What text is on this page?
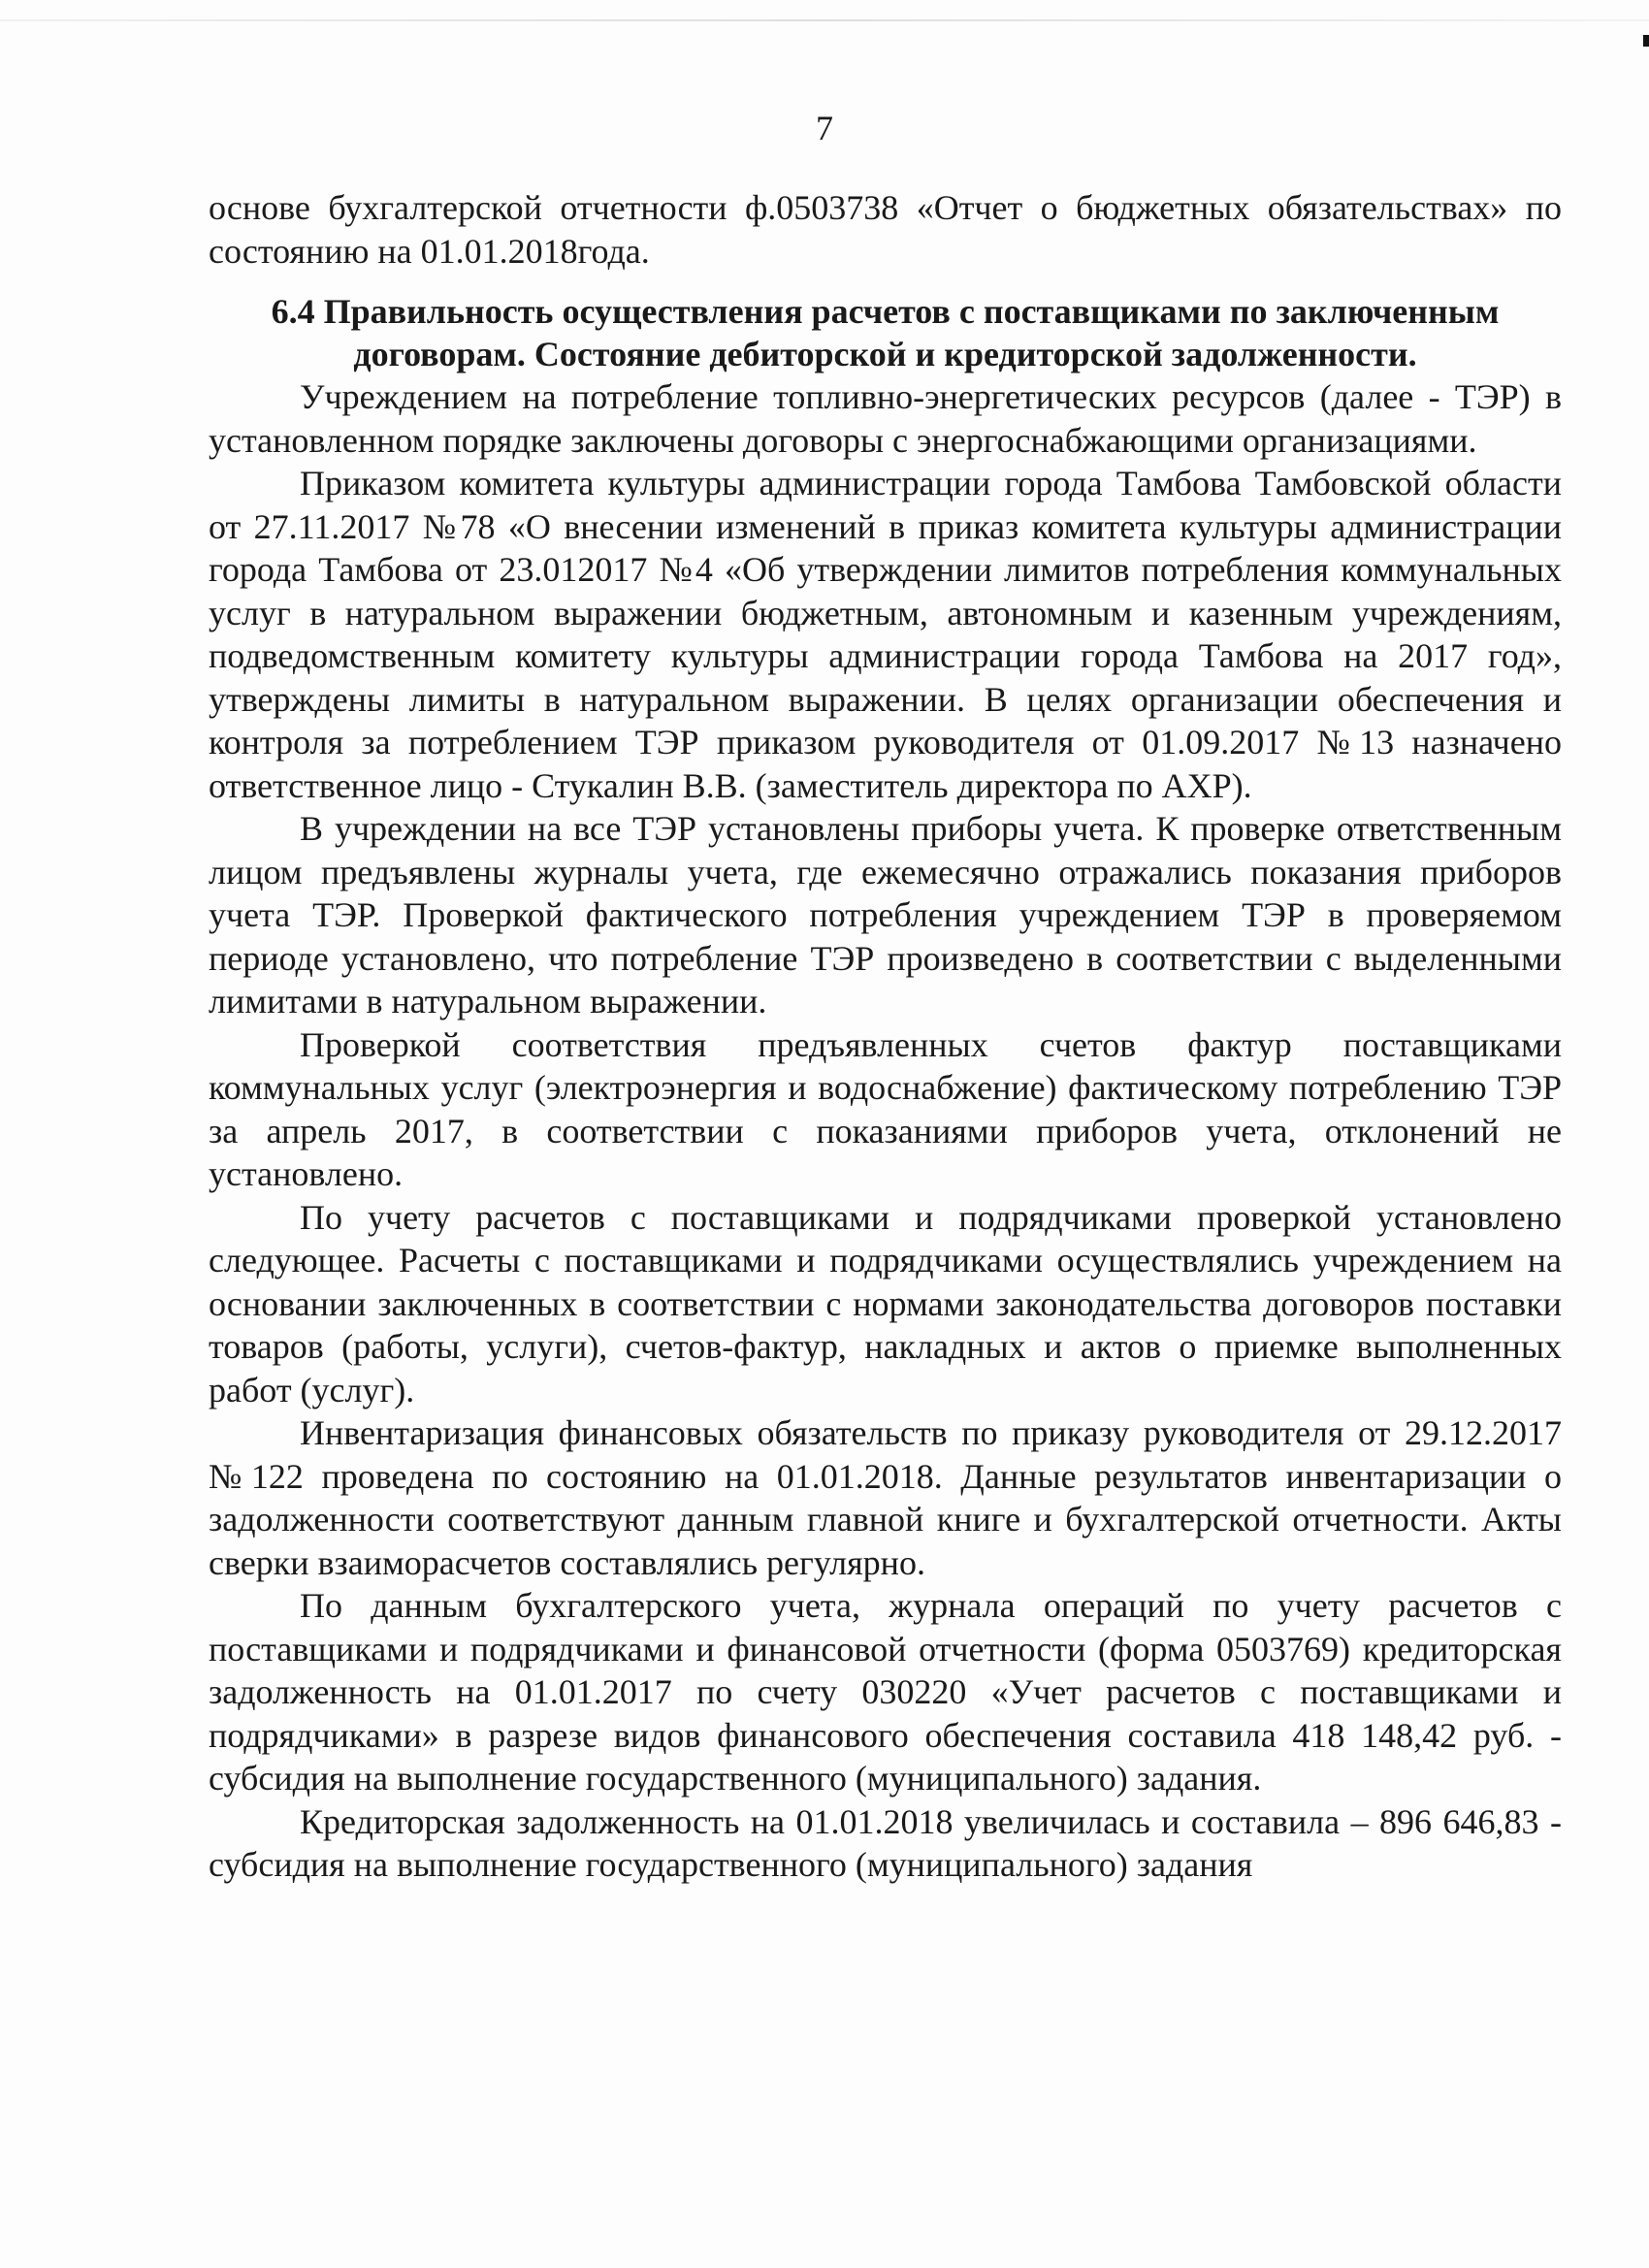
7

основе бухгалтерской отчетности ф.0503738 «Отчет о бюджетных обязательствах» по состоянию на 01.01.2018года.

6.4 Правильность осуществления расчетов с поставщиками по заключенным договорам. Состояние дебиторской и кредиторской задолженности.

Учреждением на потребление топливно-энергетических ресурсов (далее - ТЭР) в установленном порядке заключены договоры с энергоснабжающими организациями.

Приказом комитета культуры администрации города Тамбова Тамбовской области от 27.11.2017 №78 «О внесении изменений в приказ комитета культуры администрации города Тамбова от 23.012017 №4 «Об утверждении лимитов потребления коммунальных услуг в натуральном выражении бюджетным, автономным и казенным учреждениям, подведомственным комитету культуры администрации города Тамбова на 2017 год», утверждены лимиты в натуральном выражении. В целях организации обеспечения и контроля за потреблением ТЭР приказом руководителя от 01.09.2017 №13 назначено ответственное лицо - Стукалин В.В. (заместитель директора по АХР).

В учреждении на все ТЭР установлены приборы учета. К проверке ответственным лицом предъявлены журналы учета, где ежемесячно отражались показания приборов учета ТЭР. Проверкой фактического потребления учреждением ТЭР в проверяемом периоде установлено, что потребление ТЭР произведено в соответствии с выделенными лимитами в натуральном выражении.

Проверкой соответствия предъявленных счетов фактур поставщиками коммунальных услуг (электроэнергия и водоснабжение) фактическому потреблению ТЭР за апрель 2017, в соответствии с показаниями приборов учета, отклонений не установлено.

По учету расчетов с поставщиками и подрядчиками проверкой установлено следующее. Расчеты с поставщиками и подрядчиками осуществлялись учреждением на основании заключенных в соответствии с нормами законодательства договоров поставки товаров (работы, услуги), счетов-фактур, накладных и актов о приемке выполненных работ (услуг).

Инвентаризация финансовых обязательств по приказу руководителя от 29.12.2017 №122 проведена по состоянию на 01.01.2018. Данные результатов инвентаризации о задолженности соответствуют данным главной книге и бухгалтерской отчетности. Акты сверки взаиморасчетов составлялись регулярно.

По данным бухгалтерского учета, журнала операций по учету расчетов с поставщиками и подрядчиками и финансовой отчетности (форма 0503769) кредиторская задолженность на 01.01.2017 по счету 030220 «Учет расчетов с поставщиками и подрядчиками» в разрезе видов финансового обеспечения составила 418 148,42 руб. - субсидия на выполнение государственного (муниципального) задания.

Кредиторская задолженность на 01.01.2018 увеличилась и составила – 896 646,83 - субсидия на выполнение государственного (муниципального) задания
